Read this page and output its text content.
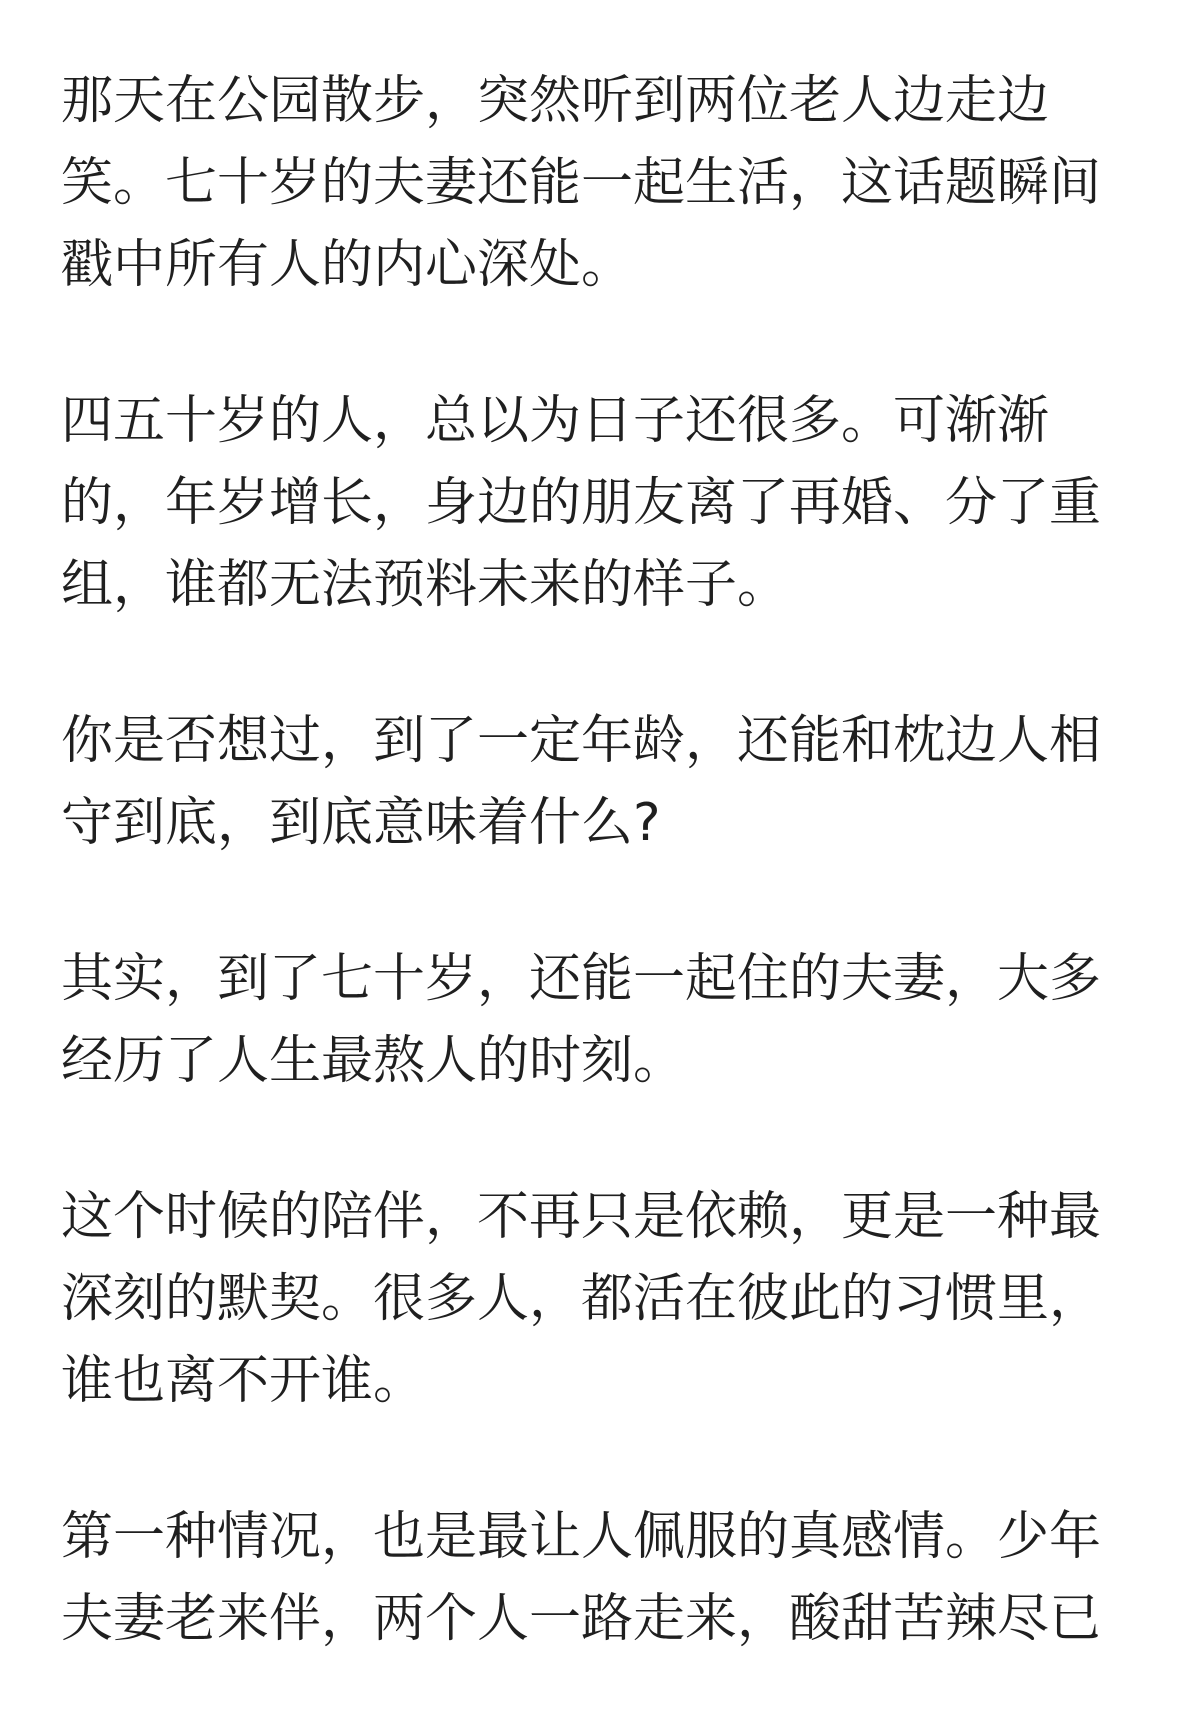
那天在公园散步，突然听到两位老人边走边
笑。七十岁的夫妻还能一起生活，这话题瞬间
戳中所有人的内心深处。

四五十岁的人，总以为日子还很多。可渐渐
的，年岁增长，身边的朋友离了再婚、分了重
组，谁都无法预料未来的样子。

你是否想过，到了一定年龄，还能和枕边人相
守到底，到底意味着什么?

其实，到了七十岁，还能一起住的夫妻，大多
经历了人生最熬人的时刻。

这个时候的陪伴，不再只是依赖，更是一种最
深刻的默契。很多人，都活在彼此的习惯里，
谁也离不开谁。

第一种情况，也是最让人佩服的真感情。少年
夫妻老来伴，两个人一路走来，酸甜苦辣尽已
